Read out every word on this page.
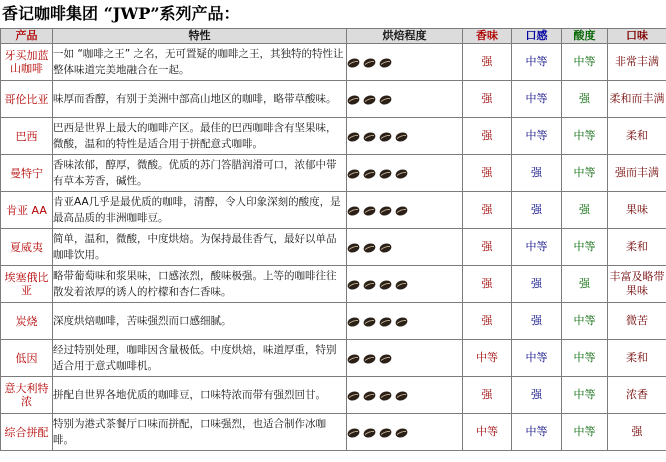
香记咖啡集团 “JWP”系列产品：
产品	特性	烘焙程度	香味	口感	酸度	口味
牙买加蓝山咖啡	一如 “咖啡之王” 之名，无可置疑的咖啡之王，其独特的特性让整体味道完美地融合在一起。		强	中等	中等	非常丰满
哥伦比亚	味厚而香醇，有别于美洲中部高山地区的咖啡，略带草酸味。		强	中等	强	柔和而丰满
巴西	巴西是世界上最大的咖啡产区。最佳的巴西咖啡含有坚果味，微酸，温和的特性是适合用于拼配意式咖啡。		强	中等	中等	柔和
曼特宁	香味浓郁，醇厚，微酸。优质的苏门答腊润滑可口，浓郁中带有草本芳香，碱性。		强	强	中等	强而丰满
肯亚 AA	肯亚AA几乎是最优质的咖啡，清醇，令人印象深刻的酸度，是最高品质的非洲咖啡豆。		强	强	强	果味
夏威夷	简单，温和，微酸，中度烘焙。为保持最佳香气，最好以单品咖啡饮用。		强	中等	中等	柔和
埃塞俄比亚	略带葡萄味和浆果味，口感浓烈，酸味极强。上等的咖啡往往散发着浓厚的诱人的柠檬和杏仁香味。		强	强	强	丰富及略带果味
炭烧	深度烘焙咖啡，苦味强烈而口感细腻。		强	强	中等	微苦
低因	经过特别处理，咖啡因含量极低。中度烘焙，味道厚重，特别适合用于意式咖啡机。		中等	中等	中等	柔和
意大利特浓	拼配自世界各地优质的咖啡豆，口味特浓而带有强烈回甘。		强	强	中等	浓香
综合拼配	特别为港式茶餐厅口味而拼配，口味强烈，也适合制作冰咖啡。		中等	中等	中等	强
